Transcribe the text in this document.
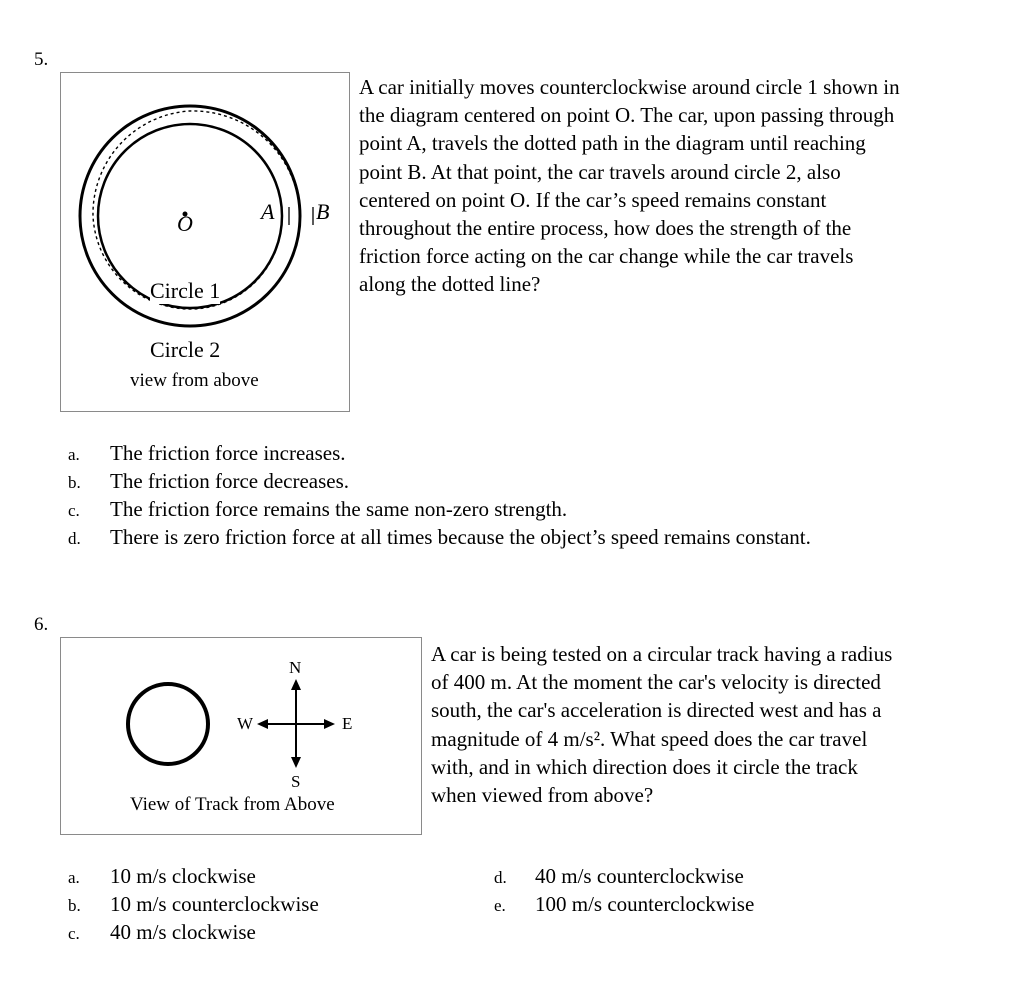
5.
O	A B
Circle 1
Circle 2
view from above
A car initially moves counterclockwise around circle 1 shown in the diagram centered on point O. The car, upon passing through point A, travels the dotted path in the diagram until reaching point B. At that point, the car travels around circle 2, also centered on point O. If the car’s speed remains constant throughout the entire process, how does the strength of the friction force acting on the car change while the car travels along the dotted line?
a. The friction force increases.
b. The friction force decreases.
c. The friction force remains the same non-zero strength.
d. There is zero friction force at all times because the object’s speed remains constant.
6.
N
S
E
W
View of Track from Above
A car is being tested on a circular track having a radius of 400 m. At the moment the car's velocity is directed south, the car's acceleration is directed west and has a magnitude of 4 m/s². What speed does the car travel with, and in which direction does it circle the track when viewed from above?
a. 10 m/s clockwise
b. 10 m/s counterclockwise
c. 40 m/s clockwise
d. 40 m/s counterclockwise
e. 100 m/s counterclockwise
